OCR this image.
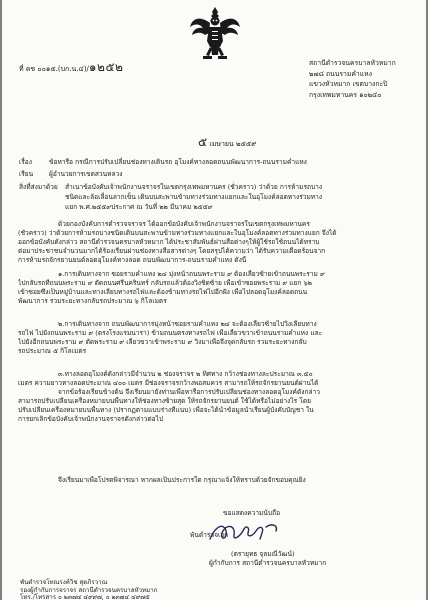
ที่ ตช ๐๐๑๕.(บก.น.๔)/๑๒๕๒	สถานีตำรวจนครบาลหัวหมาก
๒๗๘ ถนนรามคำแหง
แขวงหัวหมาก เขตบางกะปิ
กรุงเทพมหานคร ๑๐๒๔๐
๕ เมษายน ๒๕๕๙
เรื่อง	ข้อหารือ กรณีการปรับเปลี่ยนช่องทางเดินรถ อุโมงค์ทางลอดถนนพัฒนาการ-ถนนรามคำแหง
เรียน ผู้อำนวยการเขตสวนหลวง
สิ่งที่ส่งมาด้วย สำเนาข้อบังคับเจ้าพนักงานจราจรในเขตกรุงเทพมหานคร (ชั่วคราว) ว่าด้วย การห้ามรถบาง
ชนิดและล้อเลื่อนลากเข็น เดินบนสะพานข้ามทางร่วมทางแยกและในอุโมงค์ลอดทางร่วมทาง
แยก พ.ศ.๒๕๕๙ประกาศ ณ วันที่ ๒๒ มีนาคม ๒๕๕๙

ด้วยกองบังคับการตำรวจจราจร ได้ออกข้อบังคับเจ้าพนักงานจราจรในเขตกรุงเทพมหานคร

(ชั่วคราว) ว่าด้วยการห้ามรถบางชนิดเดินบนสะพานข้ามทางร่วมทางแยกและในอุโมงค์ลอดทางร่วมทางแยก จึงได้

ออกข้อบังคับดังกล่าว สถานีตำรวจนครบาลหัวหมาก ได้ประชาสัมพันธ์ผ่านสื่อต่างๆให้ผู้ใช้รถใช้ถนนได้ทราบ

ต่อมาประชาชนจำนวนมากได้ร้องเรียนผ่านช่องทางสื่อสารต่างๆ โดยสรุปได้ความว่า ได้รับความเดือดร้อนจาก

การห้ามรถจักรยานยนต์ลอดอุโมงค์ทางลอด ถนนพัฒนาการ-ถนนรามคำแหง ดังนี้

๑.การเดินทางจาก ซอยรามคำแหง ๒๔ มุ่งหน้าถนนพระราม ๙ ต้องเลี้ยวซ้ายเข้าถนนพระราม ๙

ไปกลับรถที่ถนนพระราม ๙ ตัดถนนศรีนครินทร์ กลับรถแล้วต้องวิ่งชิดซ้าย เพื่อเข้าซอยพระราม ๙ แยก ๖๒

เข้าซอยซึ่งเป็นหมู่บ้านและทางเลียบทางรถไฟและต้องข้ามทางรถไฟไปอีกฝั่ง เพื่อไปลอดอุโมงค์ลอดถนน

พัฒนาการ รวมระยะทางกลับรถประมาณ ๖ กิโลเมตร

๒.การเดินทางจาก ถนนพัฒนาการมุ่งหน้าซอยรามคำแหง ๒๔ จะต้องเลี้ยวซ้ายไปวิ่งเลียบทาง

รถไฟ ไปยังถนนพระราม ๙ (ตรงโรงแรมนารา) ข้ามถนนตรงทางรถไฟ เพื่อเลี้ยวขวาเข้าถนนรามคำแหง และ

ไปยังอีกถนนพระราม ๙ ตัดพระราม ๙ เลี้ยวขวาเข้าพระราม ๙ วิ่งมาเพื่อจึงจุดกลับรถ รวมระยะทางกลับ

รถประมาณ ๕ กิโลเมตร

๓.ทางลอดอุโมงค์ดังกล่าวมีจำนวน ๒ ช่องจราจร ๒ ทิศทาง กว้างช่องทางละประมาณ ๓.๕๐

เมตร ความยาวทางลอดประมาณ ๔๐๐ เมตร มีช่องจราจรกว้างพอสมควร สามารถให้รถจักรยานยนต์ผ่านได้

จากข้อร้องเรียนข้างต้น จึงเรียนมายังท่านเพื่อหารือการปรับเปลี่ยนช่องทางลอดอุโมงค์ดังกล่าว

สามารถปรับเปลี่ยนเครื่องหมายบนพื้นทางให้ช่องทางซ้ายสุด ให้รถจักรยานยนต์ ใช้ได้หรือไม่อย่างไร โดย

ปรับเปลี่ยนเครื่องหมายบนพื้นทาง (ปรากฏตามแบบร่างที่แนบ) เพื่อจะได้นำข้อมูลนำเรียนผู้บังคับบัญชา ใน

การยกเลิกข้อบังคับเจ้าพนักงานจราจรดังกล่าวต่อไป

จึงเรียนมาเพื่อโปรดพิจารณา หากผลเป็นประการใด กรุณาแจ้งให้ทราบด้วยจักขอบคุณยิ่ง

ขอแสดงความนับถือ
พันตำรวจเอก
(ตรายุทธ จุลมณีวัฒน์)
ผู้กำกับการ สถานีตำรวจนครบาลหัวหมาก
พันตำรวจโทณรงค์วิช สุดภิรวาณ
รองผู้กำกับการจราจร สถานีตำรวจนครบาลหัวหมาก
โทร./โทรสาร ๐ ๒๓๗๔ ๔๙๙๗, ๐ ๒๓๗๔ ๔๙๗๕
